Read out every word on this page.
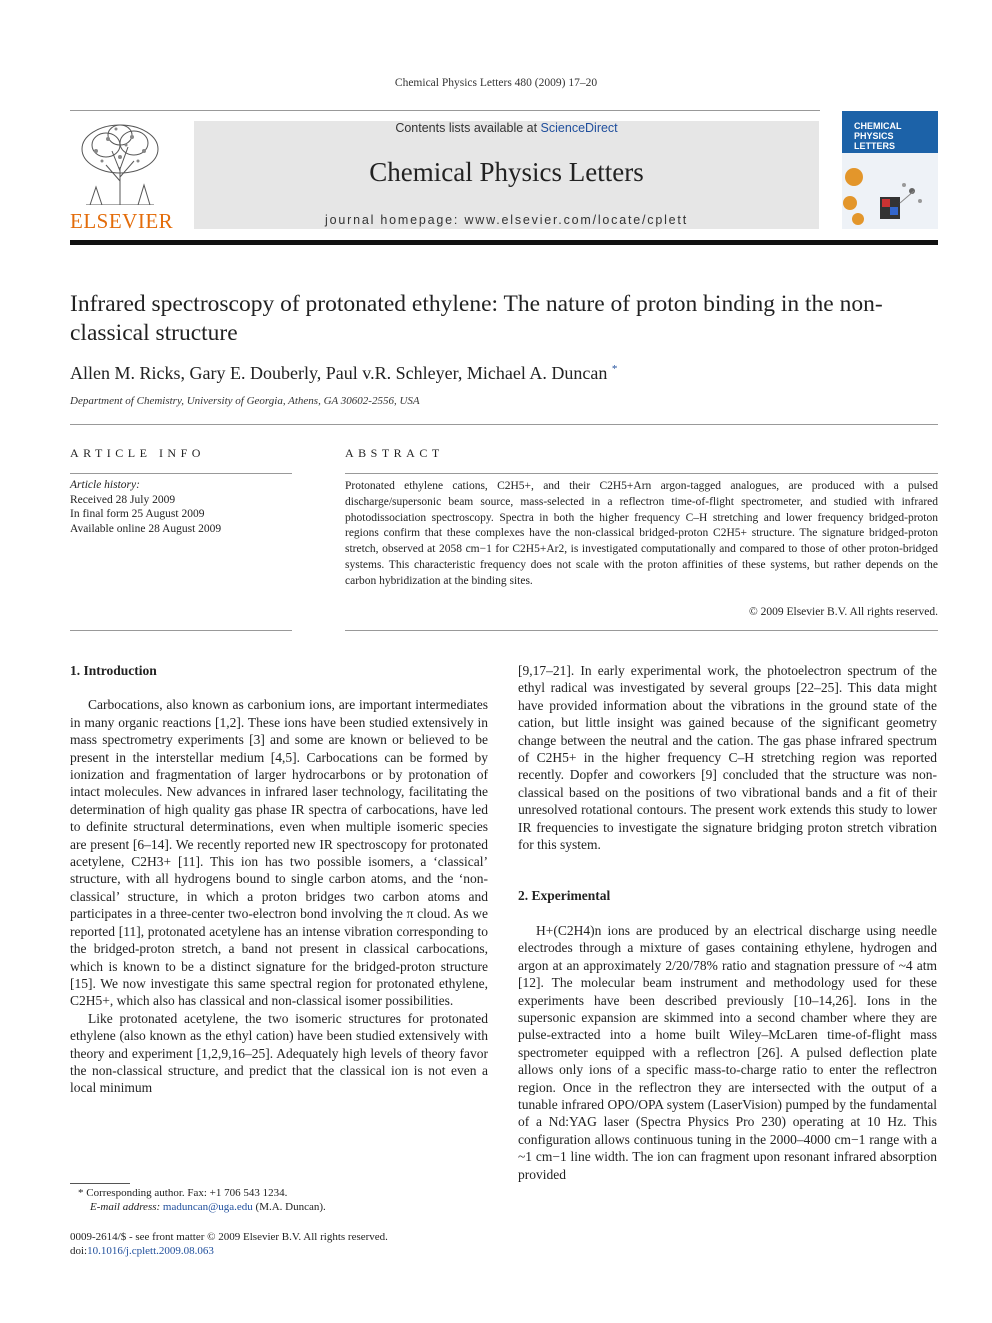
Chemical Physics Letters 480 (2009) 17–20
ELSEVIER
Contents lists available at ScienceDirect
Chemical Physics Letters
journal homepage: www.elsevier.com/locate/cplett
CHEMICAL PHYSICS LETTERS
Infrared spectroscopy of protonated ethylene: The nature of proton binding in the non-classical structure
Allen M. Ricks, Gary E. Douberly, Paul v.R. Schleyer, Michael A. Duncan *
Department of Chemistry, University of Georgia, Athens, GA 30602-2556, USA
ARTICLE INFO
Article history:
Received 28 July 2009
In final form 25 August 2009
Available online 28 August 2009
ABSTRACT
Protonated ethylene cations, C2H5+, and their C2H5+Arn argon-tagged analogues, are produced with a pulsed discharge/supersonic beam source, mass-selected in a reflectron time-of-flight spectrometer, and studied with infrared photodissociation spectroscopy. Spectra in both the higher frequency C–H stretching and lower frequency bridged-proton regions confirm that these complexes have the non-classical bridged-proton C2H5+ structure. The signature bridged-proton stretch, observed at 2058 cm−1 for C2H5+Ar2, is investigated computationally and compared to those of other proton-bridged systems. This characteristic frequency does not scale with the proton affinities of these systems, but rather depends on the carbon hybridization at the binding sites.
© 2009 Elsevier B.V. All rights reserved.

1. Introduction

Carbocations, also known as carbonium ions, are important intermediates in many organic reactions [1,2]. These ions have been studied extensively in mass spectrometry experiments [3] and some are known or believed to be present in the interstellar medium [4,5]. Carbocations can be formed by ionization and fragmentation of larger hydrocarbons or by protonation of intact molecules. New advances in infrared laser technology, facilitating the determination of high quality gas phase IR spectra of carbocations, have led to definite structural determinations, even when multiple isomeric species are present [6–14]. We recently reported new IR spectroscopy for protonated acetylene, C2H3+ [11]. This ion has two possible isomers, a ‘classical’ structure, with all hydrogens bound to single carbon atoms, and the ‘non-classical’ structure, in which a proton bridges two carbon atoms and participates in a three-center two-electron bond involving the π cloud. As we reported [11], protonated acetylene has an intense vibration corresponding to the bridged-proton stretch, a band not present in classical carbocations, which is known to be a distinct signature for the bridged-proton structure [15]. We now investigate this same spectral region for protonated ethylene, C2H5+, which also has classical and non-classical isomer possibilities.

Like protonated acetylene, the two isomeric structures for protonated ethylene (also known as the ethyl cation) have been studied extensively with theory and experiment [1,2,9,16–25]. Adequately high levels of theory favor the non-classical structure, and predict that the classical ion is not even a local minimum

[9,17–21]. In early experimental work, the photoelectron spectrum of the ethyl radical was investigated by several groups [22–25]. This data might have provided information about the vibrations in the ground state of the cation, but little insight was gained because of the significant geometry change between the neutral and the cation. The gas phase infrared spectrum of C2H5+ in the higher frequency C–H stretching region was reported recently. Dopfer and coworkers [9] concluded that the structure was non-classical based on the positions of two vibrational bands and a fit of their unresolved rotational contours. The present work extends this study to lower IR frequencies to investigate the signature bridging proton stretch vibration for this system.

2. Experimental

H+(C2H4)n ions are produced by an electrical discharge using needle electrodes through a mixture of gases containing ethylene, hydrogen and argon at an approximately 2/20/78% ratio and stagnation pressure of ~4 atm [12]. The molecular beam instrument and methodology used for these experiments have been described previously [10–14,26]. Ions in the supersonic expansion are skimmed into a second chamber where they are pulse-extracted into a home built Wiley–McLaren time-of-flight mass spectrometer equipped with a reflectron [26]. A pulsed deflection plate allows only ions of a specific mass-to-charge ratio to enter the reflectron region. Once in the reflectron they are intersected with the output of a tunable infrared OPO/OPA system (LaserVision) pumped by the fundamental of a Nd:YAG laser (Spectra Physics Pro 230) operating at 10 Hz. This configuration allows continuous tuning in the 2000–4000 cm−1 range with a ~1 cm−1 line width. The ion can fragment upon resonant infrared absorption provided

* Corresponding author. Fax: +1 706 543 1234.
E-mail address: maduncan@uga.edu (M.A. Duncan).
0009-2614/$ - see front matter © 2009 Elsevier B.V. All rights reserved.
doi:10.1016/j.cplett.2009.08.063
